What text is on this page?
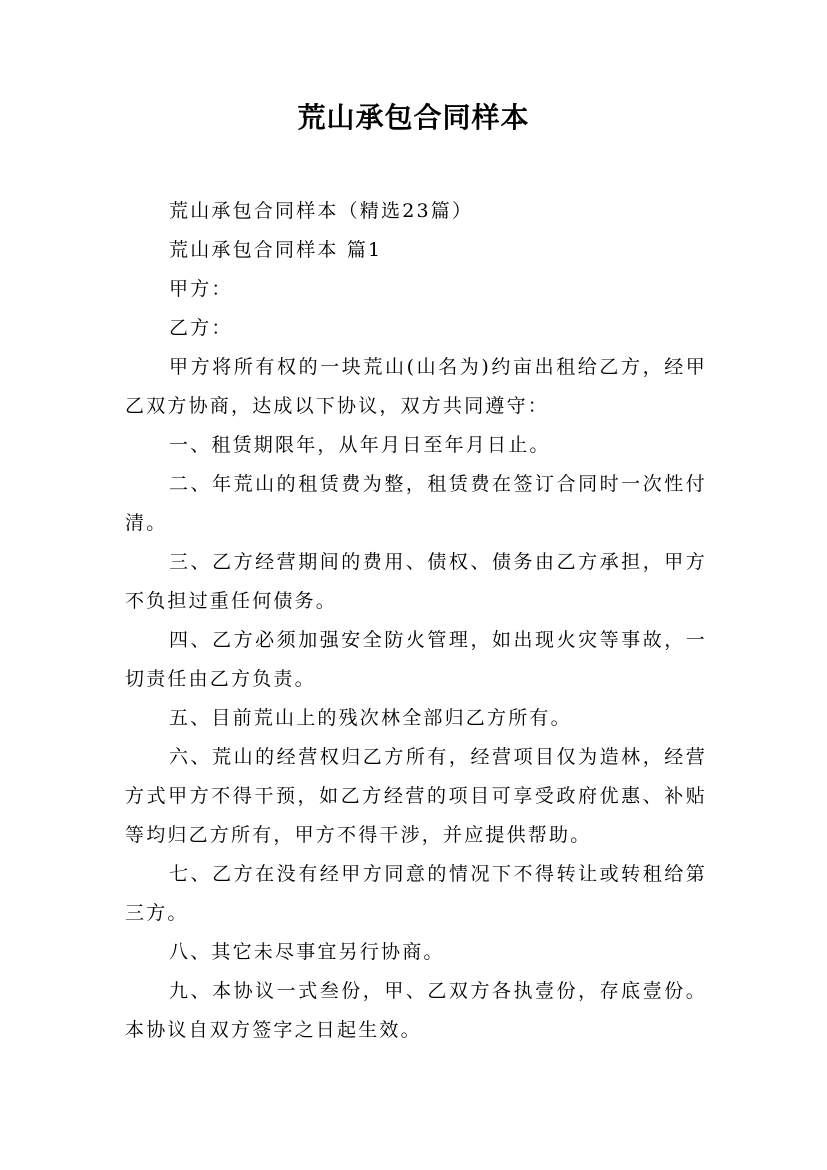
荒山承包合同样本

荒山承包合同样本（精选23篇）

荒山承包合同样本 篇1

甲方：

乙方：

甲方将所有权的一块荒山(山名为)约亩出租给乙方，经甲乙双方协商，达成以下协议，双方共同遵守：

一、租赁期限年，从年月日至年月日止。

二、年荒山的租赁费为整，租赁费在签订合同时一次性付清。

三、乙方经营期间的费用、债权、债务由乙方承担，甲方不负担过重任何债务。

四、乙方必须加强安全防火管理，如出现火灾等事故，一切责任由乙方负责。

五、目前荒山上的残次林全部归乙方所有。

六、荒山的经营权归乙方所有，经营项目仅为造林，经营方式甲方不得干预，如乙方经营的项目可享受政府优惠、补贴等均归乙方所有，甲方不得干涉，并应提供帮助。

七、乙方在没有经甲方同意的情况下不得转让或转租给第三方。

八、其它未尽事宜另行协商。

九、本协议一式叁份，甲、乙双方各执壹份，存底壹份。本协议自双方签字之日起生效。
